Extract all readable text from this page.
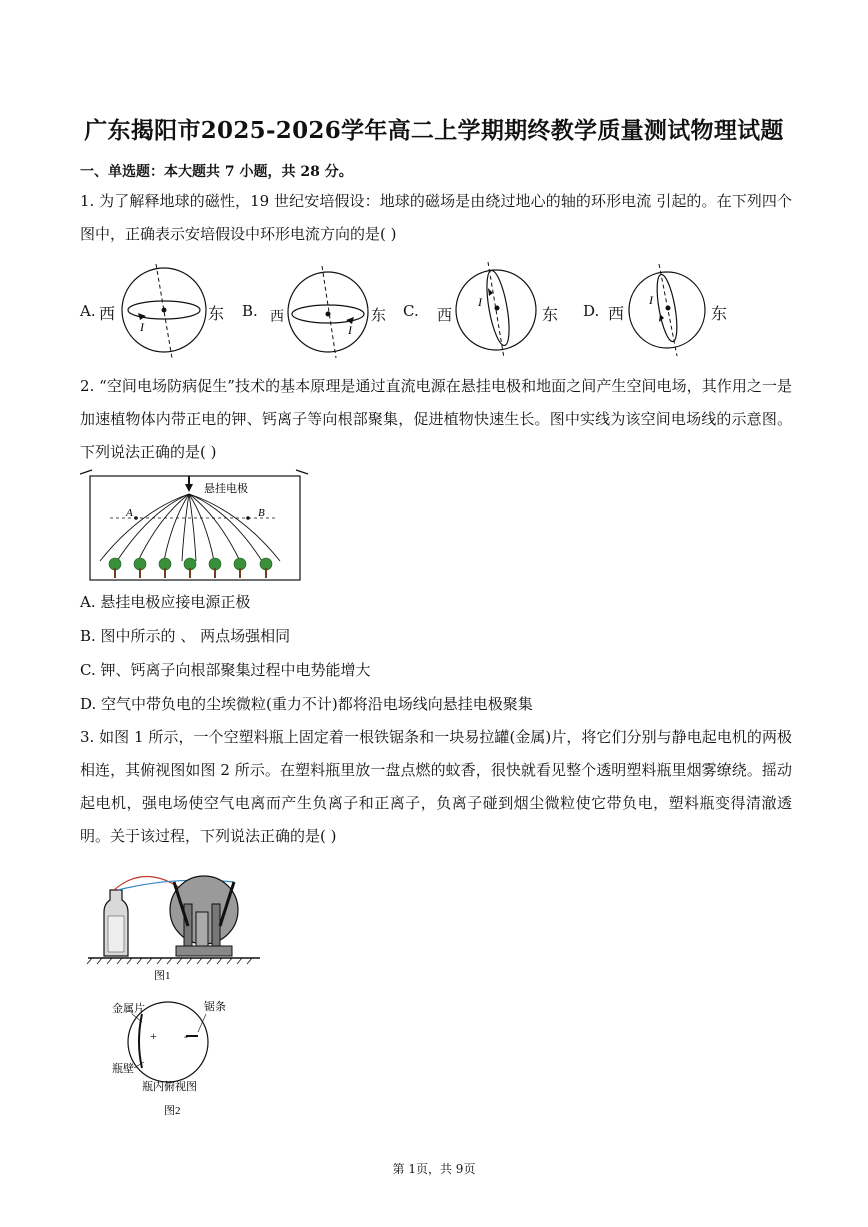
广东揭阳市2025-2026学年高二上学期期终教学质量测试物理试题
一、单选题：本大题共 7 小题，共 28 分。
1. 为了解释地球的磁性，19 世纪安培假设：地球的磁场是由绕过地心的轴的环形电流 引起的。在下列四个图中，正确表示安培假设中环形电流方向的是( )
A. 西	东
I
B. 西	东
I
C. 西	东
I	D. 西	东
I
2. “空间电场防病促生”技术的基本原理是通过直流电源在悬挂电极和地面之间产生空间电场，其作用之一是加速植物体内带正电的钾、钙离子等向根部聚集，促进植物快速生长。图中实线为该空间电场线的示意图。下列说法正确的是( )
悬挂电极
A	B
A. 悬挂电极应接电源正极
B. 图中所示的 、 两点场强相同
C. 钾、钙离子向根部聚集过程中电势能增大
D. 空气中带负电的尘埃微粒(重力不计)都将沿电场线向悬挂电极聚集
3. 如图 1 所示，一个空塑料瓶上固定着一根铁锯条和一块易拉罐(金属)片，将它们分别与静电起电机的两极相连，其俯视图如图 2 所示。在塑料瓶里放一盘点燃的蚊香，很快就看见整个透明塑料瓶里烟雾缭绕。摇动起电机，强电场使空气电离而产生负离子和正离子，负离子碰到烟尘微粒使它带负电，塑料瓶变得清澈透明。关于该过程，下列说法正确的是( )
图1
金属片	锯条
+ -
瓶壁
瓶内俯视图
图2
第 1页，共 9页
